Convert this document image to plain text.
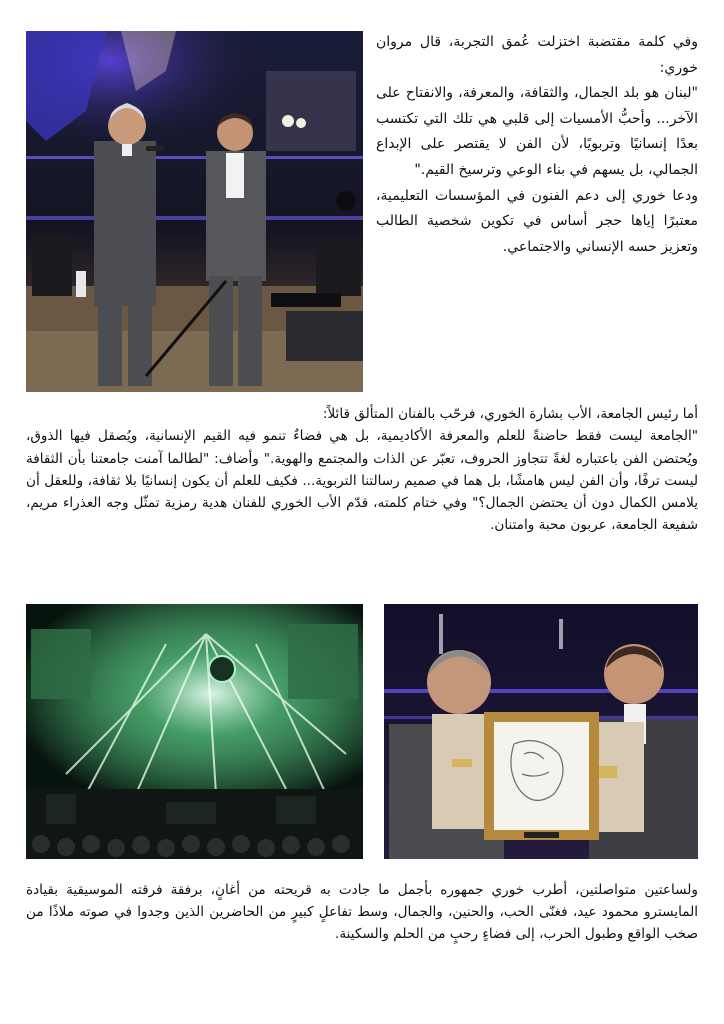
وفي كلمة مقتضبة اختزلت عُمق التجربة، قال مروان خوري:

"لبنان هو بلد الجمال، والثقافة، والمعرفة، والانفتاح على الآخر... وأحبُّ الأمسيات إلى قلبي هي تلك التي تكتسب بعدًا إنسانيًا وتربويًا، لأن الفن لا يقتصر على الإبداع الجمالي، بل يسهم في بناء الوعي وترسيخ القيم."

ودعا خوري إلى دعم الفنون في المؤسسات التعليمية، معتبرًا إياها حجر أساس في تكوين شخصية الطالب وتعزيز حسه الإنساني والاجتماعي.

أما رئيس الجامعة، الأب بشارة الخوري، فرحّب بالفنان المتألق قائلاً:

"الجامعة ليست فقط حاضنةً للعلم والمعرفة الأكاديمية، بل هي فضاءٌ تنمو فيه القيم الإنسانية، ويُصقل فيها الذوق، ويُحتضن الفن باعتباره لغةً تتجاوز الحروف، تعبّر عن الذات والمجتمع والهوية." وأضاف: "لطالما آمنت جامعتنا بأن الثقافة ليست ترفًا، وأن الفن ليس هامشًا، بل هما في صميم رسالتنا التربوية... فكيف للعلم أن يكون إنسانيًا بلا ثقافة، وللعقل أن يلامس الكمال دون أن يحتضن الجمال؟" وفي ختام كلمته، قدّم الأب الخوري للفنان هدية رمزية تمثّل وجه العذراء مريم، شفيعة الجامعة، عربون محبة وامتنان.

ولساعتين متواصلتين، أطرب خوري جمهوره بأجمل ما جادت به قريحته من أغانٍ، برفقة فرقته الموسيقية بقيادة المايسترو محمود عيد، فغنّى الحب، والحنين، والجمال، وسط تفاعلٍ كبيرٍ من الحاضرين الذين وجدوا في صوته ملاذًا من صخب الواقع وطبول الحرب، إلى فضاءٍ رحبٍ من الحلم والسكينة.
